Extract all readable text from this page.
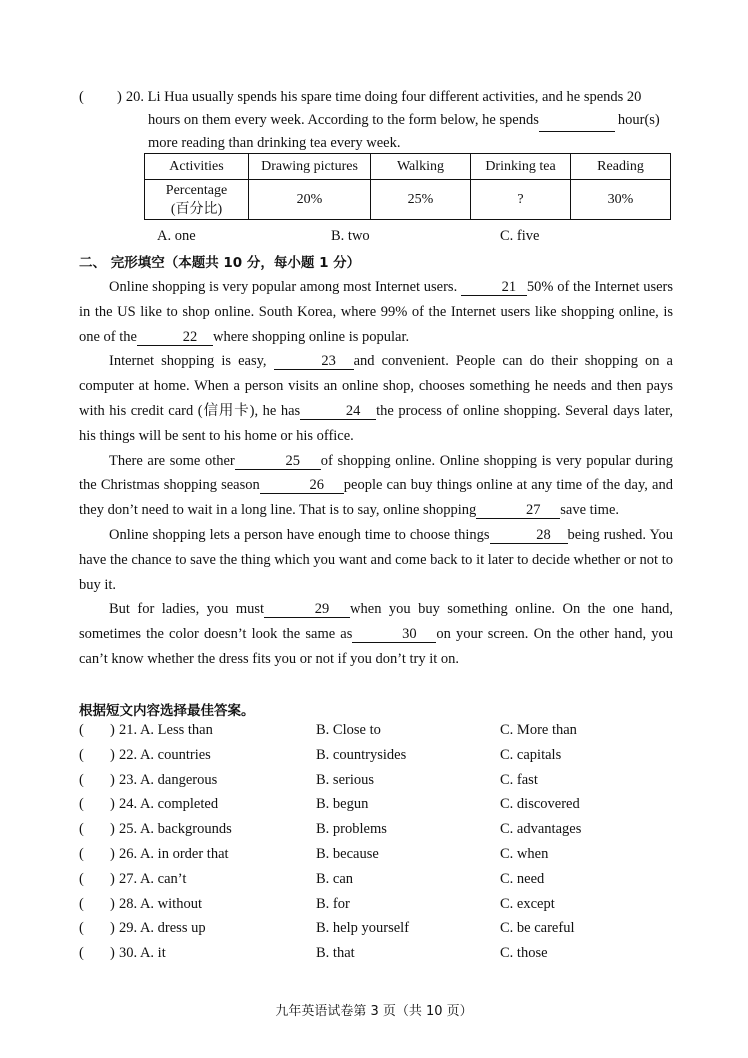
(	) 20. Li Hua usually spends his spare time doing four different activities, and he spends 20
hours on them every week. According to the form below, he spends	hour(s)
more reading than drinking tea every week.
Activities	Drawing pictures	Walking	Drinking tea	Reading

Percentage
(百分比)	20%	25%	?	30%
A. one	B. two	C. five
二、 完形填空（本题共 10 分，每小题 1 分）

Online shopping is very popular among most Internet users.	21 50% of the Internet users in the US like to shop online. South Korea, where 99% of the Internet users like shopping online, is one of the	22 where shopping online is popular.

Internet shopping is easy,	23 and convenient. People can do their shopping on a computer at home. When a person visits an online shop, chooses something he needs and then pays with his credit card (信用卡), he has	24 the process of online shopping. Several days later, his things will be sent to his home or his office.

There are some other	25 of shopping online. Online shopping is very popular during the Christmas shopping season	26 people can buy things online at any time of the day, and they don’t need to wait in a long line. That is to say, online shopping	27 save time.

Online shopping lets a person have enough time to choose things	28 being rushed. You have the chance to save the thing which you want and come back to it later to decide whether or not to buy it.

But for ladies, you must	29 when you buy something online. On the one hand, sometimes the color doesn’t look the same as	30 on your screen. On the other hand, you can’t know whether the dress fits you or not if you don’t try it on.

根据短文内容选择最佳答案。
( ) 21. A. Less than	B. Close to	C. More than
( ) 22. A. countries	B. countrysides	C. capitals
( ) 23. A. dangerous	B. serious	C. fast
( ) 24. A. completed	B. begun	C. discovered
( ) 25. A. backgrounds	B. problems	C. advantages
( ) 26. A. in order that	B. because	C. when
( ) 27. A. can’t	B. can	C. need
( ) 28. A. without	B. for	C. except
( ) 29. A. dress up	B. help yourself	C. be careful
( ) 30. A. it	B. that	C. those
九年英语试卷第 3 页（共 10 页）
